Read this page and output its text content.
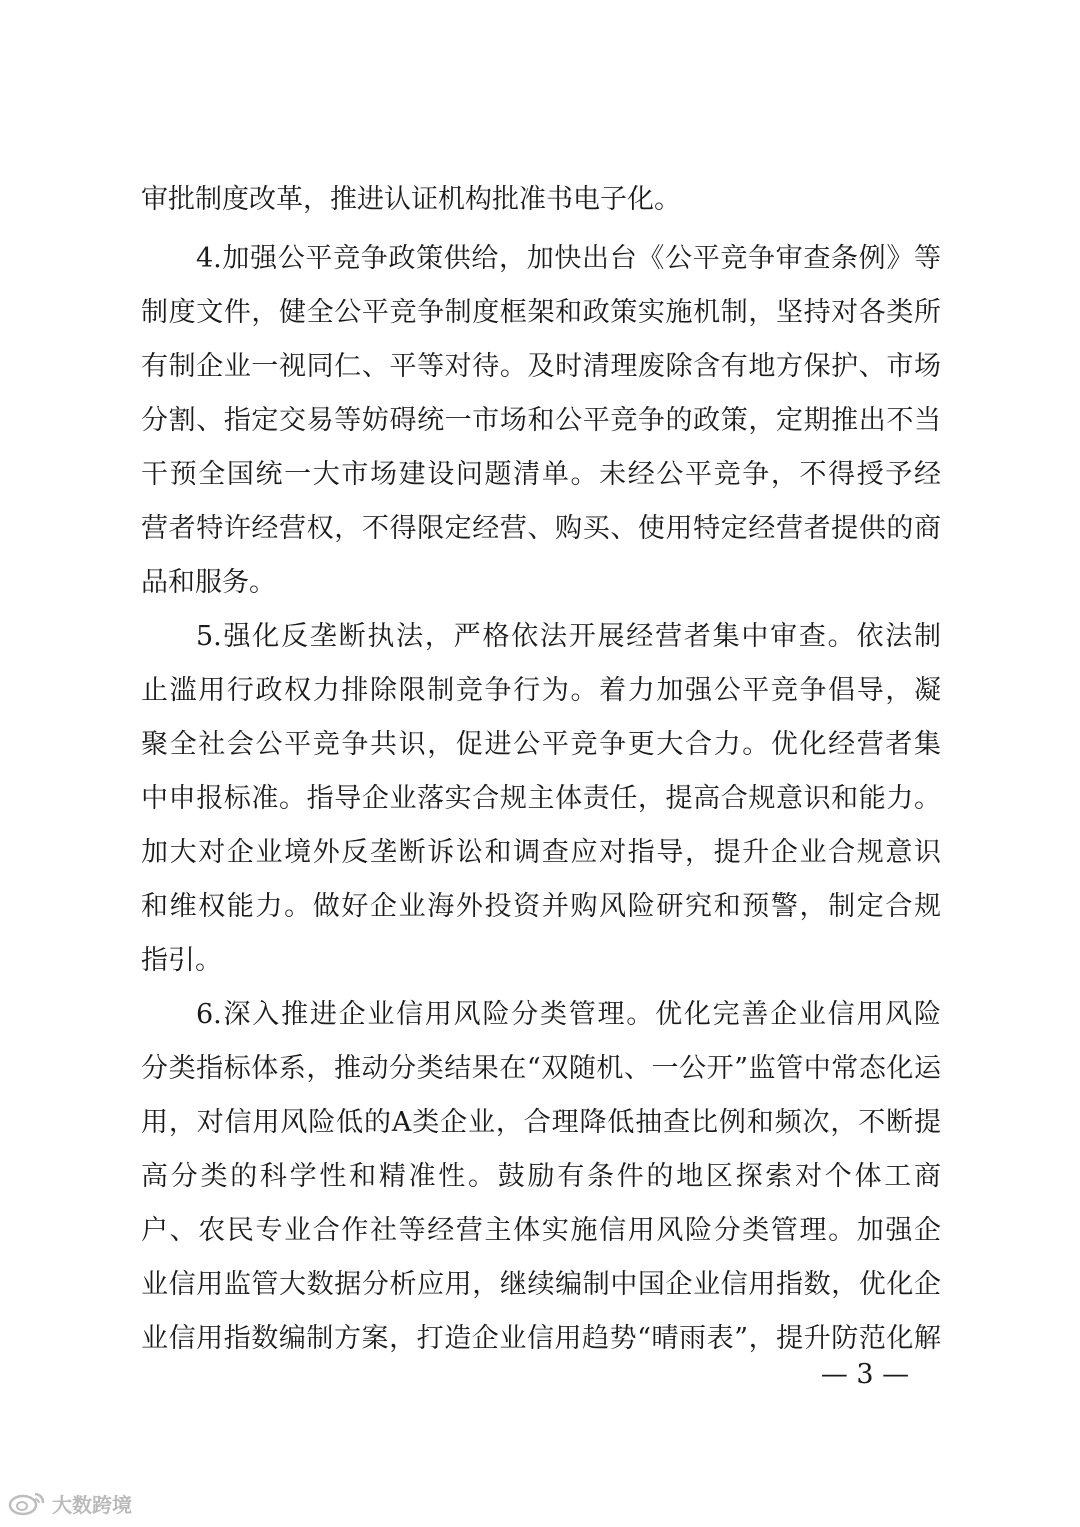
审批制度改革，推进认证机构批准书电子化。
4.加强公平竞争政策供给，加快出台《公平竞争审查条例》等
制度文件，健全公平竞争制度框架和政策实施机制，坚持对各类所
有制企业一视同仁、平等对待。及时清理废除含有地方保护、市场
分割、指定交易等妨碍统一市场和公平竞争的政策，定期推出不当
干预全国统一大市场建设问题清单。未经公平竞争，不得授予经
营者特许经营权，不得限定经营、购买、使用特定经营者提供的商
品和服务。
5.强化反垄断执法，严格依法开展经营者集中审查。依法制
止滥用行政权力排除限制竞争行为。着力加强公平竞争倡导，凝
聚全社会公平竞争共识，促进公平竞争更大合力。优化经营者集
中申报标准。指导企业落实合规主体责任，提高合规意识和能力。
加大对企业境外反垄断诉讼和调查应对指导，提升企业合规意识
和维权能力。做好企业海外投资并购风险研究和预警，制定合规
指引。
6.深入推进企业信用风险分类管理。优化完善企业信用风险
分类指标体系，推动分类结果在“双随机、一公开”监管中常态化运
用，对信用风险低的A类企业，合理降低抽查比例和频次，不断提
高分类的科学性和精准性。鼓励有条件的地区探索对个体工商
户、农民专业合作社等经营主体实施信用风险分类管理。加强企
业信用监管大数据分析应用，继续编制中国企业信用指数，优化企
业信用指数编制方案，打造企业信用趋势“晴雨表”，提升防范化解
— 3 —
大数跨境
